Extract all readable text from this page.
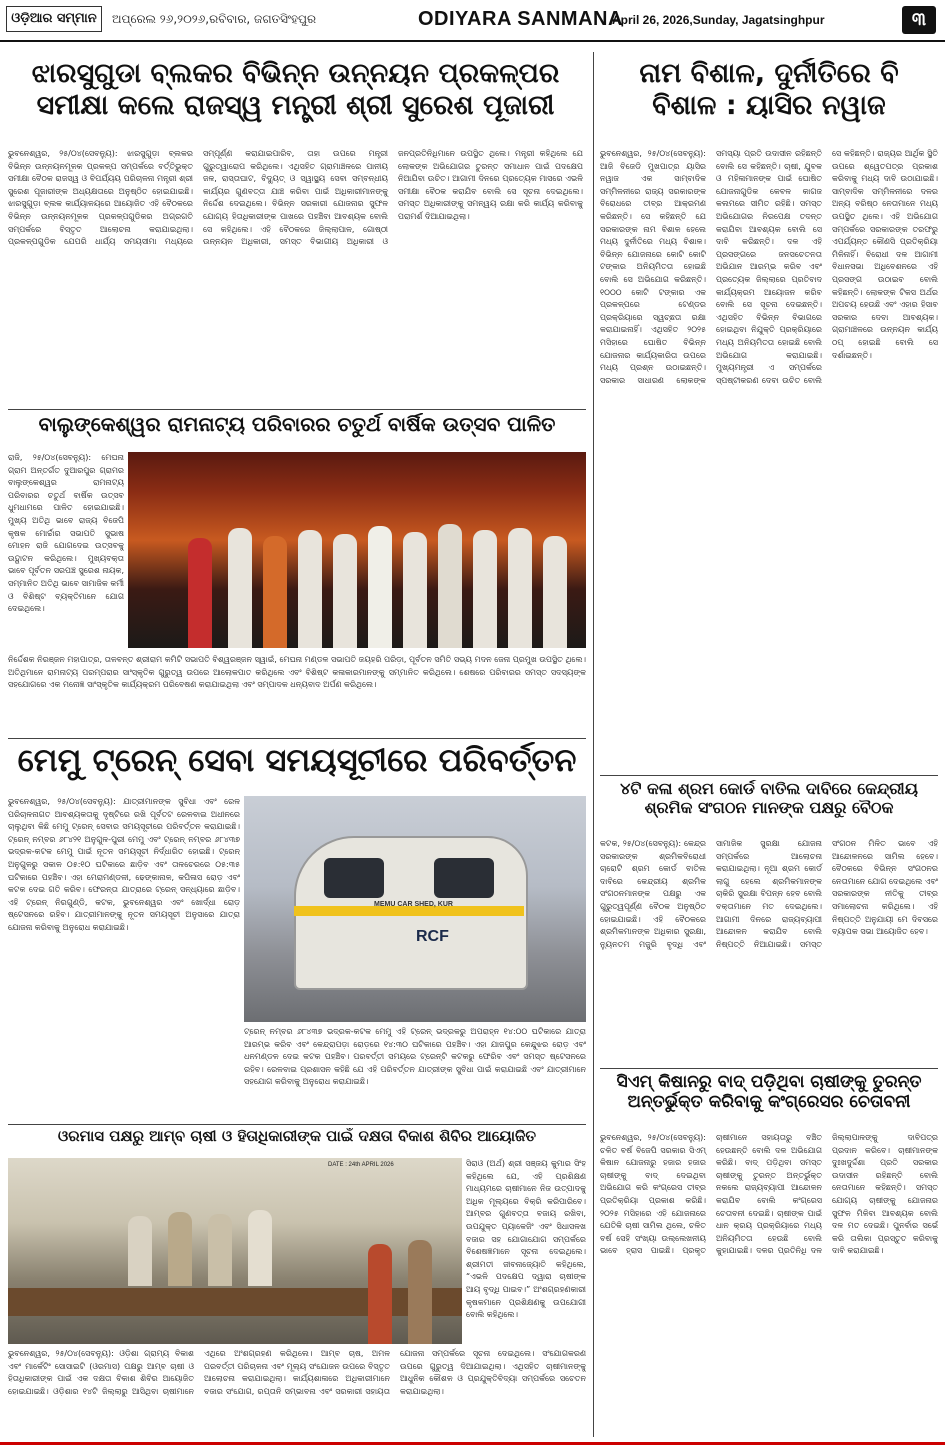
ଓଡ଼ିଆର ସମ୍ମାନ	ଅପ୍ରେଲ ୨୬,୨୦୨୬,ରବିବାର, ଜଗତସିଂହପୁର	ODIYARA SANMANA
April 26, 2026,Sunday, Jagatsinghpur	୩
ଝାରସୁଗୁଡା ବ୍ଲକର ବିଭିନ୍ନ ଉନ୍ନୟନ ପ୍ରକଳ୍ପର
ସମୀକ୍ଷା କଲେ ରାଜସ୍ୱ ମନ୍ତ୍ରୀ ଶ୍ରୀ ସୁରେଶ ପୂଜାରୀ
ଭୁବନେଶ୍ୱର, ୨୫/୦୪(ସେବନ୍ୟୁ): ଝାରସୁଗୁଡ଼ା ବ୍ଲକର ବିଭିନ୍ନ ଉନ୍ନୟନମୂଳକ ପ୍ରକଳ୍ପ ସମ୍ପର୍କରେ ବର୍ତ୍ତିଭୁକ୍ତ ସମୀକ୍ଷା ବୈଠକ ରାଜସ୍ୱ ଓ ବିପର୍ଯ୍ୟୟ ପରିଚାଳନା ମନ୍ତ୍ରୀ ଶ୍ରୀ ସୁରେଶ ପୂଜାରୀଙ୍କ ଅଧ୍ୟକ୍ଷତାରେ ଅନୁଷ୍ଠିତ ହୋଇଯାଇଛି। ଝାରସୁଗୁଡ଼ା ବ୍ଲକ କାର୍ଯ୍ୟାଳୟରେ ଆୟୋଜିତ ଏହି ବୈଠକରେ ବିଭିନ୍ନ ଉନ୍ନୟନମୂଳକ ପ୍ରକଳ୍ପଗୁଡିକର ଅଗ୍ରଗତି ସମ୍ପର୍କରେ ବିସ୍ତୃତ ଆଲୋଚନା କରାଯାଇଥିଲା। ପ୍ରକଳ୍ପଗୁଡିକ ଯେପରି ଧାର୍ଯ୍ୟ ସମୟସୀମା ମଧ୍ୟରେ ସମ୍ପୂର୍ଣ୍ଣ କରାଯାଇପାରିବ, ତାହା ଉପରେ ମନ୍ତ୍ରୀ ଗୁରୁତ୍ୱାରୋପ କରିଥିଲେ। ଏଥିସହିତ ଗ୍ରାମାଞ୍ଚଳରେ ପାନୀୟ ଜଳ, ରାସ୍ତାଘାଟ, ବିଦ୍ୟୁତ୍ ଓ ସ୍ୱାସ୍ଥ୍ୟ ସେବା ସମ୍ବନ୍ଧୀୟ କାର୍ଯ୍ୟର ଗୁଣବତ୍ତା ଯାଞ୍ଚ କରିବା ପାଇଁ ଅଧିକାରୀମାନଙ୍କୁ ନିର୍ଦ୍ଦେଶ ଦେଇଥିଲେ। ବିଭିନ୍ନ ସରକାରୀ ଯୋଜନାର ସୁଫଳ ଯୋଗ୍ୟ ହିତାଧିକାରୀଙ୍କ ପାଖରେ ପହଞ୍ଚିବା ଆବଶ୍ୟକ ବୋଲି ସେ କହିଥିଲେ। ଏହି ବୈଠକରେ ଜିଲ୍ଲାପାଳ, ଗୋଷ୍ଠୀ ଉନ୍ନୟନ ଅଧିକାରୀ, ସମସ୍ତ ବିଭାଗୀୟ ଅଧିକାରୀ ଓ ଜନପ୍ରତିନିଧିମାନେ ଉପସ୍ଥିତ ଥିଲେ। ମନ୍ତ୍ରୀ କହିଥିଲେ ଯେ ଲୋକଙ୍କ ଅଭିଯୋଗର ତୁରନ୍ତ ସମାଧାନ ପାଇଁ ପଦକ୍ଷେପ ନିଆଯିବା ଉଚିତ। ଆଗାମୀ ଦିନରେ ପ୍ରତ୍ୟେକ ମାସରେ ଏଭଳି ସମୀକ୍ଷା ବୈଠକ କରାଯିବ ବୋଲି ସେ ସୂଚନା ଦେଇଥିଲେ। ସମସ୍ତ ଅଧିକାରୀଙ୍କୁ ସମନ୍ୱୟ ରକ୍ଷା କରି କାର୍ଯ୍ୟ କରିବାକୁ ପରାମର୍ଶ ଦିଆଯାଇଥିଲା।
ନାମ ବିଶାଳ, ଦୁର୍ନୀତିରେ ବି
ବିଶାଳ : ୟାସିର ନୱାଜ
ଭୁବନେଶ୍ୱର, ୨୫/୦୪(ସେବନ୍ୟୁ): ଆଜି ବିଜେଡି ମୁଖପାତ୍ର ୟାସିର ନୱାଜ ଏକ ସାମ୍ବାଦିକ ସମ୍ମିଳନୀରେ ରାଜ୍ୟ ସରକାରଙ୍କ ବିରୋଧରେ ତୀବ୍ର ଆକ୍ରମଣ କରିଛନ୍ତି। ସେ କହିଛନ୍ତି ଯେ ସରକାରଙ୍କ ନାମ ବିଶାଳ ହେଲେ ମଧ୍ୟ ଦୁର୍ନୀତିରେ ମଧ୍ୟ ବିଶାଳ। ବିଭିନ୍ନ ଯୋଜନାରେ କୋଟି କୋଟି ଟଙ୍କାର ଅନିୟମିତତା ହୋଇଛି ବୋଲି ସେ ଅଭିଯୋଗ କରିଛନ୍ତି। ୧୦୦୦ କୋଟି ଟଙ୍କାର ଏକ ପ୍ରକଳ୍ପରେ ଟେଣ୍ଡର ପ୍ରକ୍ରିୟାରେ ସ୍ୱଚ୍ଛତା ରକ୍ଷା କରାଯାଇନାହିଁ। ଏଥିସହିତ ୨୦୨୫ ମସିହାରେ ଘୋଷିତ ବିଭିନ୍ନ ଯୋଜନାର କାର୍ଯ୍ୟକାରିତା ଉପରେ ମଧ୍ୟ ପ୍ରଶ୍ନ ଉଠାଇଛନ୍ତି। ସରକାର ସାଧାରଣ ଲୋକଙ୍କ ସମସ୍ୟା ପ୍ରତି ଉଦାସୀନ ରହିଛନ୍ତି ବୋଲି ସେ କହିଛନ୍ତି। ଚାଷୀ, ଯୁବକ ଓ ମହିଳାମାନଙ୍କ ପାଇଁ ଘୋଷିତ ଯୋଜନାଗୁଡିକ କେବଳ କାଗଜ କଲମରେ ସୀମିତ ରହିଛି। ସମସ୍ତ ଅଭିଯୋଗର ନିରପେକ୍ଷ ତଦନ୍ତ କରାଯିବା ଆବଶ୍ୟକ ବୋଲି ସେ ଦାବି କରିଛନ୍ତି। ଦଳ ଏହି ପ୍ରସଙ୍ଗରେ ଜନସଚେତନତା ଅଭିଯାନ ଆରମ୍ଭ କରିବ ଏବଂ ପ୍ରତ୍ୟେକ ଜିଲ୍ଲାରେ ପ୍ରତିବାଦ କାର୍ଯ୍ୟକ୍ରମ ଆୟୋଜନ କରିବ ବୋଲି ସେ ସୂଚନା ଦେଇଛନ୍ତି। ଏଥିସହିତ ବିଭିନ୍ନ ବିଭାଗରେ ହୋଇଥିବା ନିଯୁକ୍ତି ପ୍ରକ୍ରିୟାରେ ମଧ୍ୟ ଅନିୟମିତତା ହୋଇଛି ବୋଲି ଅଭିଯୋଗ କରାଯାଇଛି। ମୁଖ୍ୟମନ୍ତ୍ରୀ ଏ ସମ୍ପର୍କରେ ସ୍ପଷ୍ଟୀକରଣ ଦେବା ଉଚିତ ବୋଲି ସେ କହିଛନ୍ତି। ରାଜ୍ୟର ଆର୍ଥିକ ସ୍ଥିତି ଉପରେ ଶ୍ୱେତପତ୍ର ପ୍ରକାଶ କରିବାକୁ ମଧ୍ୟ ଦାବି ଉଠାଯାଇଛି। ସାମ୍ବାଦିକ ସମ୍ମିଳନୀରେ ଦଳର ଅନ୍ୟ ବରିଷ୍ଠ ନେତାମାନେ ମଧ୍ୟ ଉପସ୍ଥିତ ଥିଲେ। ଏହି ଅଭିଯୋଗ ସମ୍ପର୍କରେ ସରକାରଙ୍କ ତରଫରୁ ଏପର୍ଯ୍ୟନ୍ତ କୌଣସି ପ୍ରତିକ୍ରିୟା ମିଳିନାହିଁ। ବିରୋଧୀ ଦଳ ଆଗାମୀ ବିଧାନସଭା ଅଧିବେଶନରେ ଏହି ପ୍ରସଙ୍ଗ ଉଠାଇବ ବୋଲି କହିଛନ୍ତି। ଲୋକଙ୍କ ଟିକସ ଅର୍ଥର ଅପଚୟ ହେଉଛି ଏବଂ ଏହାର ହିସାବ ସରକାର ଦେବା ଆବଶ୍ୟକ। ଗ୍ରାମାଞ୍ଚଳରେ ଉନ୍ନୟନ କାର୍ଯ୍ୟ ଠପ୍ ହୋଇଛି ବୋଲି ସେ ଦର୍ଶାଇଛନ୍ତି।
ବାଲୁଙ୍କେଶ୍ୱର ରାମନାଟ୍ୟ ପରିବାରର ଚତୁର୍ଥ ବାର୍ଷିକ ଉତ୍ସବ ପାଳିତ
ରାଜି, ୨୫/୦୪(ସେବନ୍ୟୁ): ମେଘନା ଗ୍ରାମ ଅନ୍ତର୍ଗତ ଦୁଆରପୁର ଗ୍ରାମର ବାଲୁଙ୍କେଶ୍ୱର ରାମନାଟ୍ୟ ପରିବାରର ଚତୁର୍ଥ ବାର୍ଷିକ ଉତ୍ସବ ଧୁମଧାମରେ ପାଳିତ ହୋଇଯାଇଛି। ମୁଖ୍ୟ ଅତିଥି ଭାବେ ରାଜ୍ୟ ବିଜେପି କୃଷକ ମୋର୍ଚ୍ଚାର ସଭାପତି ସୁଭାଷ ମୋହନ ରାଜି ଯୋଗଦେଇ ଉତ୍ସବକୁ ଉଦ୍ଘାଟନ କରିଥିଲେ। ମୁଖ୍ୟବକ୍ତା ଭାବେ ପୂର୍ବତନ ସରପଞ୍ଚ ସୁରେଶ ନାୟକ, ସମ୍ମାନିତ ଅତିଥି ଭାବେ ସାମାଜିକ କର୍ମୀ ଓ ବିଶିଷ୍ଟ ବ୍ୟକ୍ତିମାନେ ଯୋଗ ଦେଇଥିଲେ।
ନିର୍ଦ୍ଦେଶକ ନିରଞ୍ଜନ ମହାପାତ୍ର, ତାଳବନ୍ତ ଶ୍ରୀରାମ କମିଟି ସଭାପତି ବିଶ୍ୱରଞ୍ଜନ ସ୍ୱାଇଁ, ମେଘନା ମଣ୍ଡଳ ସଭାପତି ଜୟହରି ପରିଡ଼ା, ପୂର୍ବତନ ସମିତି ସଭ୍ୟ ମଦନ ଜେନା ପ୍ରମୁଖ ଉପସ୍ଥିତ ଥିଲେ। ଅତିଥିମାନେ ରାମନାଟ୍ୟ ପରମ୍ପରାର ସାଂସ୍କୃତିକ ଗୁରୁତ୍ୱ ଉପରେ ଆଲୋକପାତ କରିଥିଲେ ଏବଂ ବିଶିଷ୍ଟ କଳାକାରମାନଙ୍କୁ ସମ୍ମାନିତ କରିଥିଲେ। ଶେଷରେ ପରିବାରର ସମସ୍ତ ସଦସ୍ୟଙ୍କ ସହଯୋଗରେ ଏକ ମନୋଜ୍ଞ ସାଂସ୍କୃତିକ କାର୍ଯ୍ୟକ୍ରମ ପରିବେଷଣ କରାଯାଇଥିଲା ଏବଂ ସମ୍ପାଦକ ଧନ୍ୟବାଦ ଅର୍ପଣ କରିଥିଲେ।
ମେମୁ ଟ୍ରେନ୍ ସେବା ସମୟସୂଚୀରେ ପରିବର୍ତ୍ତନ
ଭୁବନେଶ୍ୱର, ୨୫/୦୪(ସେବନ୍ୟୁ): ଯାତ୍ରୀମାନଙ୍କ ସୁବିଧା ଏବଂ ରେଳ ପରିଚାଳନାଗତ ଆବଶ୍ୟକତାକୁ ଦୃଷ୍ଟିରେ ରଖି ପୂର୍ବତଟ ରେଳବାଇ ଅଧୀନରେ ଚାଲୁଥିବା କିଛି ମେମୁ ଟ୍ରେନ୍ ସେବାର ସମୟସୂଚୀରେ ପରିବର୍ତ୍ତନ କରାଯାଇଛି। ଟ୍ରେନ୍ ନମ୍ବର ୬୮୪୨୧ ଅନୁଗୁଳ-ପୁରୀ ମେମୁ ଏବଂ ଟ୍ରେନ୍ ନମ୍ବର ୬୮୪୩୭ ଭଦ୍ରକ-କଟକ ମେମୁ ପାଇଁ ନୂତନ ସମୟସୂଚୀ ନିର୍ଦ୍ଧାରିତ ହୋଇଛି। ଟ୍ରେନ୍ ଅନୁଗୁଳରୁ ସକାଳ ୦୫:୧୦ ଘଟିକାରେ ଛାଡ଼ିବ ଏବଂ ତାଳଚେରରେ ୦୫:୩୫ ଘଟିକାରେ ପହଞ୍ଚିବ। ଏହା ମେରାମଣ୍ଡଳୀ, ଢେଙ୍କାନାଳ, କପିଳାସ ରୋଡ଼ ଏବଂ କଟକ ଦେଇ ଗତି କରିବ। ଫେରନ୍ତା ଯାତ୍ରାରେ ଟ୍ରେନ୍ ସନ୍ଧ୍ୟାରେ ଛାଡ଼ିବ। ଏହି ଟ୍ରେନ୍ ନିରଗୁଣ୍ଡି, କଟକ, ଭୁବନେଶ୍ୱର ଏବଂ ଖୋର୍ଦ୍ଧା ରୋଡ଼ ଷ୍ଟେସନରେ ରହିବ। ଯାତ୍ରୀମାନଙ୍କୁ ନୂତନ ସମୟସୂଚୀ ଅନୁସାରେ ଯାତ୍ରା ଯୋଜନା କରିବାକୁ ଅନୁରୋଧ କରାଯାଇଛି।
MEMU CAR SHED, KUR
RCF
ଟ୍ରେନ୍ ନମ୍ବର ୬୮୪୩୭ ଭଦ୍ରକ-କଟକ ମେମୁ ଏହି ଟ୍ରେନ୍ ଭଦ୍ରକରୁ ଅପରାହ୍ନ ୧୪:୦୦ ଘଟିକାରେ ଯାତ୍ରା ଆରମ୍ଭ କରିବ ଏବଂ କେନ୍ଦ୍ରାପଡ଼ା ରୋଡ଼ରେ ୧୪:୩୦ ଘଟିକାରେ ପହଞ୍ଚିବ। ଏହା ଯାଜପୁର କେନ୍ଦୁଝର ରୋଡ଼ ଏବଂ ଧନମଣ୍ଡଳ ଦେଇ କଟକ ପହଞ୍ଚିବ। ପରବର୍ତ୍ତୀ ସମୟରେ ଟ୍ରେନ୍‌ଟି କଟକରୁ ଫେରିବ ଏବଂ ସମସ୍ତ ଷ୍ଟେସନରେ ରହିବ। ରେଳବାଇ ପ୍ରଶାସନ କହିଛି ଯେ ଏହି ପରିବର୍ତ୍ତନ ଯାତ୍ରୀଙ୍କ ସୁବିଧା ପାଇଁ କରାଯାଇଛି ଏବଂ ଯାତ୍ରୀମାନେ ସହଯୋଗ କରିବାକୁ ଅନୁରୋଧ କରାଯାଇଛି।
୪ଟି କଳା ଶ୍ରମ କୋର୍ଡ ବାତିଲ ଦାବିରେ କେନ୍ଦ୍ରୀୟ
ଶ୍ରମିକ ସଂଗଠନ ମାନଙ୍କ ପକ୍ଷରୁ ବୈଠକ
କଟକ, ୨୫/୦୪(ସେବନ୍ୟୁ): କେନ୍ଦ୍ର ସରକାରଙ୍କ ଶ୍ରମିକବିରୋଧୀ ଚାରୋଟି ଶ୍ରମ କୋର୍ଡ ବାତିଲ ଦାବିରେ କେନ୍ଦ୍ରୀୟ ଶ୍ରମିକ ସଂଗଠନମାନଙ୍କ ପକ୍ଷରୁ ଏକ ଗୁରୁତ୍ୱପୂର୍ଣ୍ଣ ବୈଠକ ଅନୁଷ୍ଠିତ ହୋଇଯାଇଛି। ଏହି ବୈଠକରେ ଶ୍ରମିକମାନଙ୍କ ଅଧିକାର ସୁରକ୍ଷା, ନ୍ୟୁନତମ ମଜୁରି ବୃଦ୍ଧି ଏବଂ ସାମାଜିକ ସୁରକ୍ଷା ଯୋଜନା ସମ୍ପର୍କରେ ଆଲୋଚନା କରାଯାଇଥିଲା। ନୂଆ ଶ୍ରମ କୋର୍ଡ ଲାଗୁ ହେଲେ ଶ୍ରମିକମାନଙ୍କ ଚାକିରି ସୁରକ୍ଷା ବିପନ୍ନ ହେବ ବୋଲି ବକ୍ତାମାନେ ମତ ଦେଇଥିଲେ। ଆଗାମୀ ଦିନରେ ରାଜ୍ୟବ୍ୟାପୀ ଆନ୍ଦୋଳନ କରାଯିବ ବୋଲି ନିଷ୍ପତ୍ତି ନିଆଯାଇଛି। ସମସ୍ତ ସଂଗଠନ ମିଳିତ ଭାବେ ଏହି ଆନ୍ଦୋଳନରେ ସାମିଲ ହେବେ। ବୈଠକରେ ବିଭିନ୍ନ ସଂଗଠନର ନେତାମାନେ ଯୋଗ ଦେଇଥିଲେ ଏବଂ ସରକାରଙ୍କ ନୀତିକୁ ତୀବ୍ର ସମାଲୋଚନା କରିଥିଲେ। ଏହି ନିଷ୍ପତ୍ତି ଅନୁଯାୟୀ ମେ ଦିବସରେ ବ୍ୟାପକ ସଭା ଆୟୋଜିତ ହେବ।
ସିଏମ୍ କିଷାନରୁ ବାଦ୍ ପଡ଼ିଥିବା ଚାଷୀଙ୍କୁ ତୁରନ୍ତ
ଅନ୍ତର୍ଭୁକ୍ତ କରିବାକୁ କଂଗ୍ରେସର ଚେତାବନୀ
ଭୁବନେଶ୍ୱର, ୨୫/୦୪(ସେବନ୍ୟୁ): ଚଳିତ ବର୍ଷ ବିଜେପି ସରକାର ସିଏମ୍ କିଷାନ ଯୋଜନାରୁ ହଜାର ହଜାର ଚାଷୀଙ୍କୁ ବାଦ୍ ଦେଇଥିବା ଅଭିଯୋଗ କରି କଂଗ୍ରେସ ତୀବ୍ର ପ୍ରତିକ୍ରିୟା ପ୍ରକାଶ କରିଛି। ୨୦୨୫ ମସିହାରେ ଏହି ଯୋଜନାରେ ଯେତିକି ଚାଷୀ ସାମିଲ ଥିଲେ, ଚଳିତ ବର୍ଷ ସେହି ସଂଖ୍ୟା ଉଲ୍ଲେଖନୀୟ ଭାବେ ହ୍ରାସ ପାଇଛି। ପ୍ରକୃତ ଚାଷୀମାନେ ସହାୟତାରୁ ବଞ୍ଚିତ ହେଉଛନ୍ତି ବୋଲି ଦଳ ଅଭିଯୋଗ କରିଛି। ବାଦ୍ ପଡ଼ିଥିବା ସମସ୍ତ ଚାଷୀଙ୍କୁ ତୁରନ୍ତ ଅନ୍ତର୍ଭୁକ୍ତ ନକଲେ ରାଜ୍ୟବ୍ୟାପୀ ଆନ୍ଦୋଳନ କରାଯିବ ବୋଲି କଂଗ୍ରେସ ଚେତାବନୀ ଦେଇଛି। ଚାଷୀଙ୍କ ପାଇଁ ଧାନ କ୍ରୟ ପ୍ରକ୍ରିୟାରେ ମଧ୍ୟ ଅନିୟମିତତା ହେଉଛି ବୋଲି କୁହାଯାଇଛି। ଦଳର ପ୍ରତିନିଧି ଦଳ ଜିଲ୍ଲାପାଳଙ୍କୁ ଦାବିପତ୍ର ପ୍ରଦାନ କରିବେ। ଚାଷୀମାନଙ୍କ ଦୁଃଖଦୁର୍ଦ୍ଦଶା ପ୍ରତି ସରକାର ଉଦାସୀନ ରହିଛନ୍ତି ବୋଲି ନେତାମାନେ କହିଛନ୍ତି। ସମସ୍ତ ଯୋଗ୍ୟ ଚାଷୀଙ୍କୁ ଯୋଜନାର ସୁଫଳ ମିଳିବା ଆବଶ୍ୟକ ବୋଲି ଦଳ ମତ ଦେଇଛି। ପୁନର୍ବାର ସର୍ଭେ କରି ତାଲିକା ପ୍ରସ୍ତୁତ କରିବାକୁ ଦାବି କରାଯାଇଛି।
ଓରମାସ ପକ୍ଷରୁ ଆମ୍ବ ଚାଷୀ ଓ ହିତାଧିକାରୀଙ୍କ ପାଇଁ ଦକ୍ଷତା ବିକାଶ ଶିବିର ଆୟୋଜିତ
DATE : 24th APRIL 2026	ସିରାଓ (ଅର୍ଥ) ଶ୍ରୀ ସଞ୍ଜୟ କୁମାର ସିଂହ କହିଥିଲେ ଯେ, ଏହି ପ୍ରଶିକ୍ଷଣ ମାଧ୍ୟମରେ ଚାଷୀମାନେ ନିଜ ଉତ୍ପାଦକୁ ଅଧିକ ମୂଲ୍ୟରେ ବିକ୍ରି କରିପାରିବେ। ଆମ୍ବର ଗୁଣବତ୍ତା ବଜାୟ ରଖିବା, ଉପଯୁକ୍ତ ପ୍ୟାକେଜିଂ ଏବଂ ସିଧାସଳଖ ବଜାର ସହ ଯୋଗାଯୋଗ ସମ୍ପର୍କରେ ବିଶେଷଜ୍ଞମାନେ ସୂଚନା ଦେଇଥିଲେ। ଶ୍ରୀମତୀ ଜୀବନାଜ୍ୟୋତି କହିଥିଲେ, “ଏଭଳି ପଦକ୍ଷେପ ଦ୍ୱାରା ଚାଷୀଙ୍କ ଆୟ ବୃଦ୍ଧି ପାଇବ।” ଅଂଶଗ୍ରହଣକାରୀ କୃଷକମାନେ ପ୍ରଶିକ୍ଷଣକୁ ଉପଯୋଗୀ ବୋଲି କହିଥିଲେ।
ଭୁବନେଶ୍ୱର, ୨୫/୦୪(ସେବନ୍ୟୁ): ଓଡ଼ିଶା ଗ୍ରାମ୍ୟ ବିକାଶ ଏବଂ ମାର୍କେଟିଂ ସୋସାଇଟି (ଓରମାସ) ପକ୍ଷରୁ ଆମ୍ବ ଚାଷୀ ଓ ହିତାଧିକାରୀଙ୍କ ପାଇଁ ଏକ ଦକ୍ଷତା ବିକାଶ ଶିବିର ଆୟୋଜିତ ହୋଇଯାଇଛି। ଓଡ଼ିଶାର ୧୪ଟି ଜିଲ୍ଲାରୁ ଆସିଥିବା ଚାଷୀମାନେ ଏଥିରେ ଅଂଶଗ୍ରହଣ କରିଥିଲେ। ଆମ୍ବ ଚାଷ, ଅମଳ ପରବର୍ତ୍ତୀ ପରିଚାଳନା ଏବଂ ମୂଲ୍ୟ ସଂଯୋଜନ ଉପରେ ବିସ୍ତୃତ ଆଲୋଚନା କରାଯାଇଥିଲା। କାର୍ଯ୍ୟଶାଳାରେ ଅଧିକାରୀମାନେ ବଜାର ସଂଯୋଗ, ରପ୍ତାନି ସମ୍ଭାବନା ଏବଂ ସରକାରୀ ସହାୟତା ଯୋଜନା ସମ୍ପର୍କରେ ସୂଚନା ଦେଇଥିଲେ। ସଂଯୋଗକରଣ ଉପରେ ଗୁରୁତ୍ୱ ଦିଆଯାଇଥିଲା। ଏଥିସହିତ ଚାଷୀମାନଙ୍କୁ ଆଧୁନିକ କୌଶଳ ଓ ପ୍ରଯୁକ୍ତିବିଦ୍ୟା ସମ୍ପର୍କରେ ସଚେତନ କରାଯାଇଥିଲା।
